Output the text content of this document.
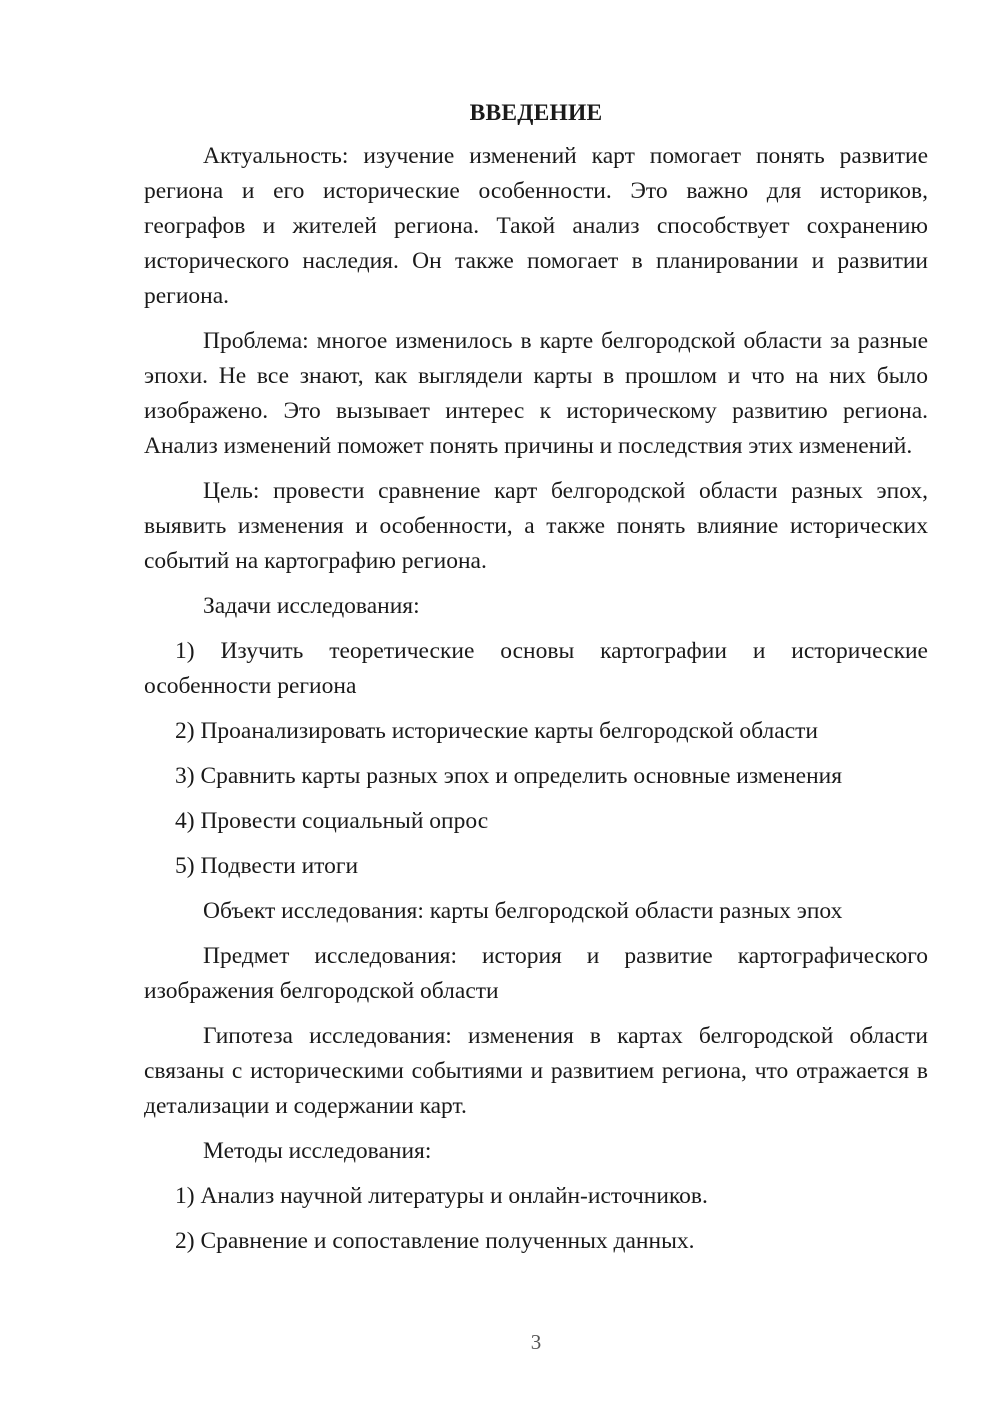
ВВЕДЕНИЕ

Актуальность: изучение изменений карт помогает понять развитие региона и его исторические особенности. Это важно для историков, географов и жителей региона. Такой анализ способствует сохранению исторического наследия. Он также помогает в планировании и развитии региона.

Проблема: многое изменилось в карте белгородской области за разные эпохи. Не все знают, как выглядели карты в прошлом и что на них было изображено. Это вызывает интерес к историческому развитию региона. Анализ изменений поможет понять причины и последствия этих изменений.

Цель: провести сравнение карт белгородской области разных эпох, выявить изменения и особенности, а также понять влияние исторических событий на картографию региона.

Задачи исследования:

1) Изучить теоретические основы картографии и исторические особенности региона

2) Проанализировать исторические карты белгородской области

3) Сравнить карты разных эпох и определить основные изменения

4) Провести социальный опрос

5) Подвести итоги

Объект исследования: карты белгородской области разных эпох

Предмет исследования: история и развитие картографического изображения белгородской области

Гипотеза исследования: изменения в картах белгородской области связаны с историческими событиями и развитием региона, что отражается в детализации и содержании карт.

Методы исследования:

1) Анализ научной литературы и онлайн-источников.

2) Сравнение и сопоставление полученных данных.

3
